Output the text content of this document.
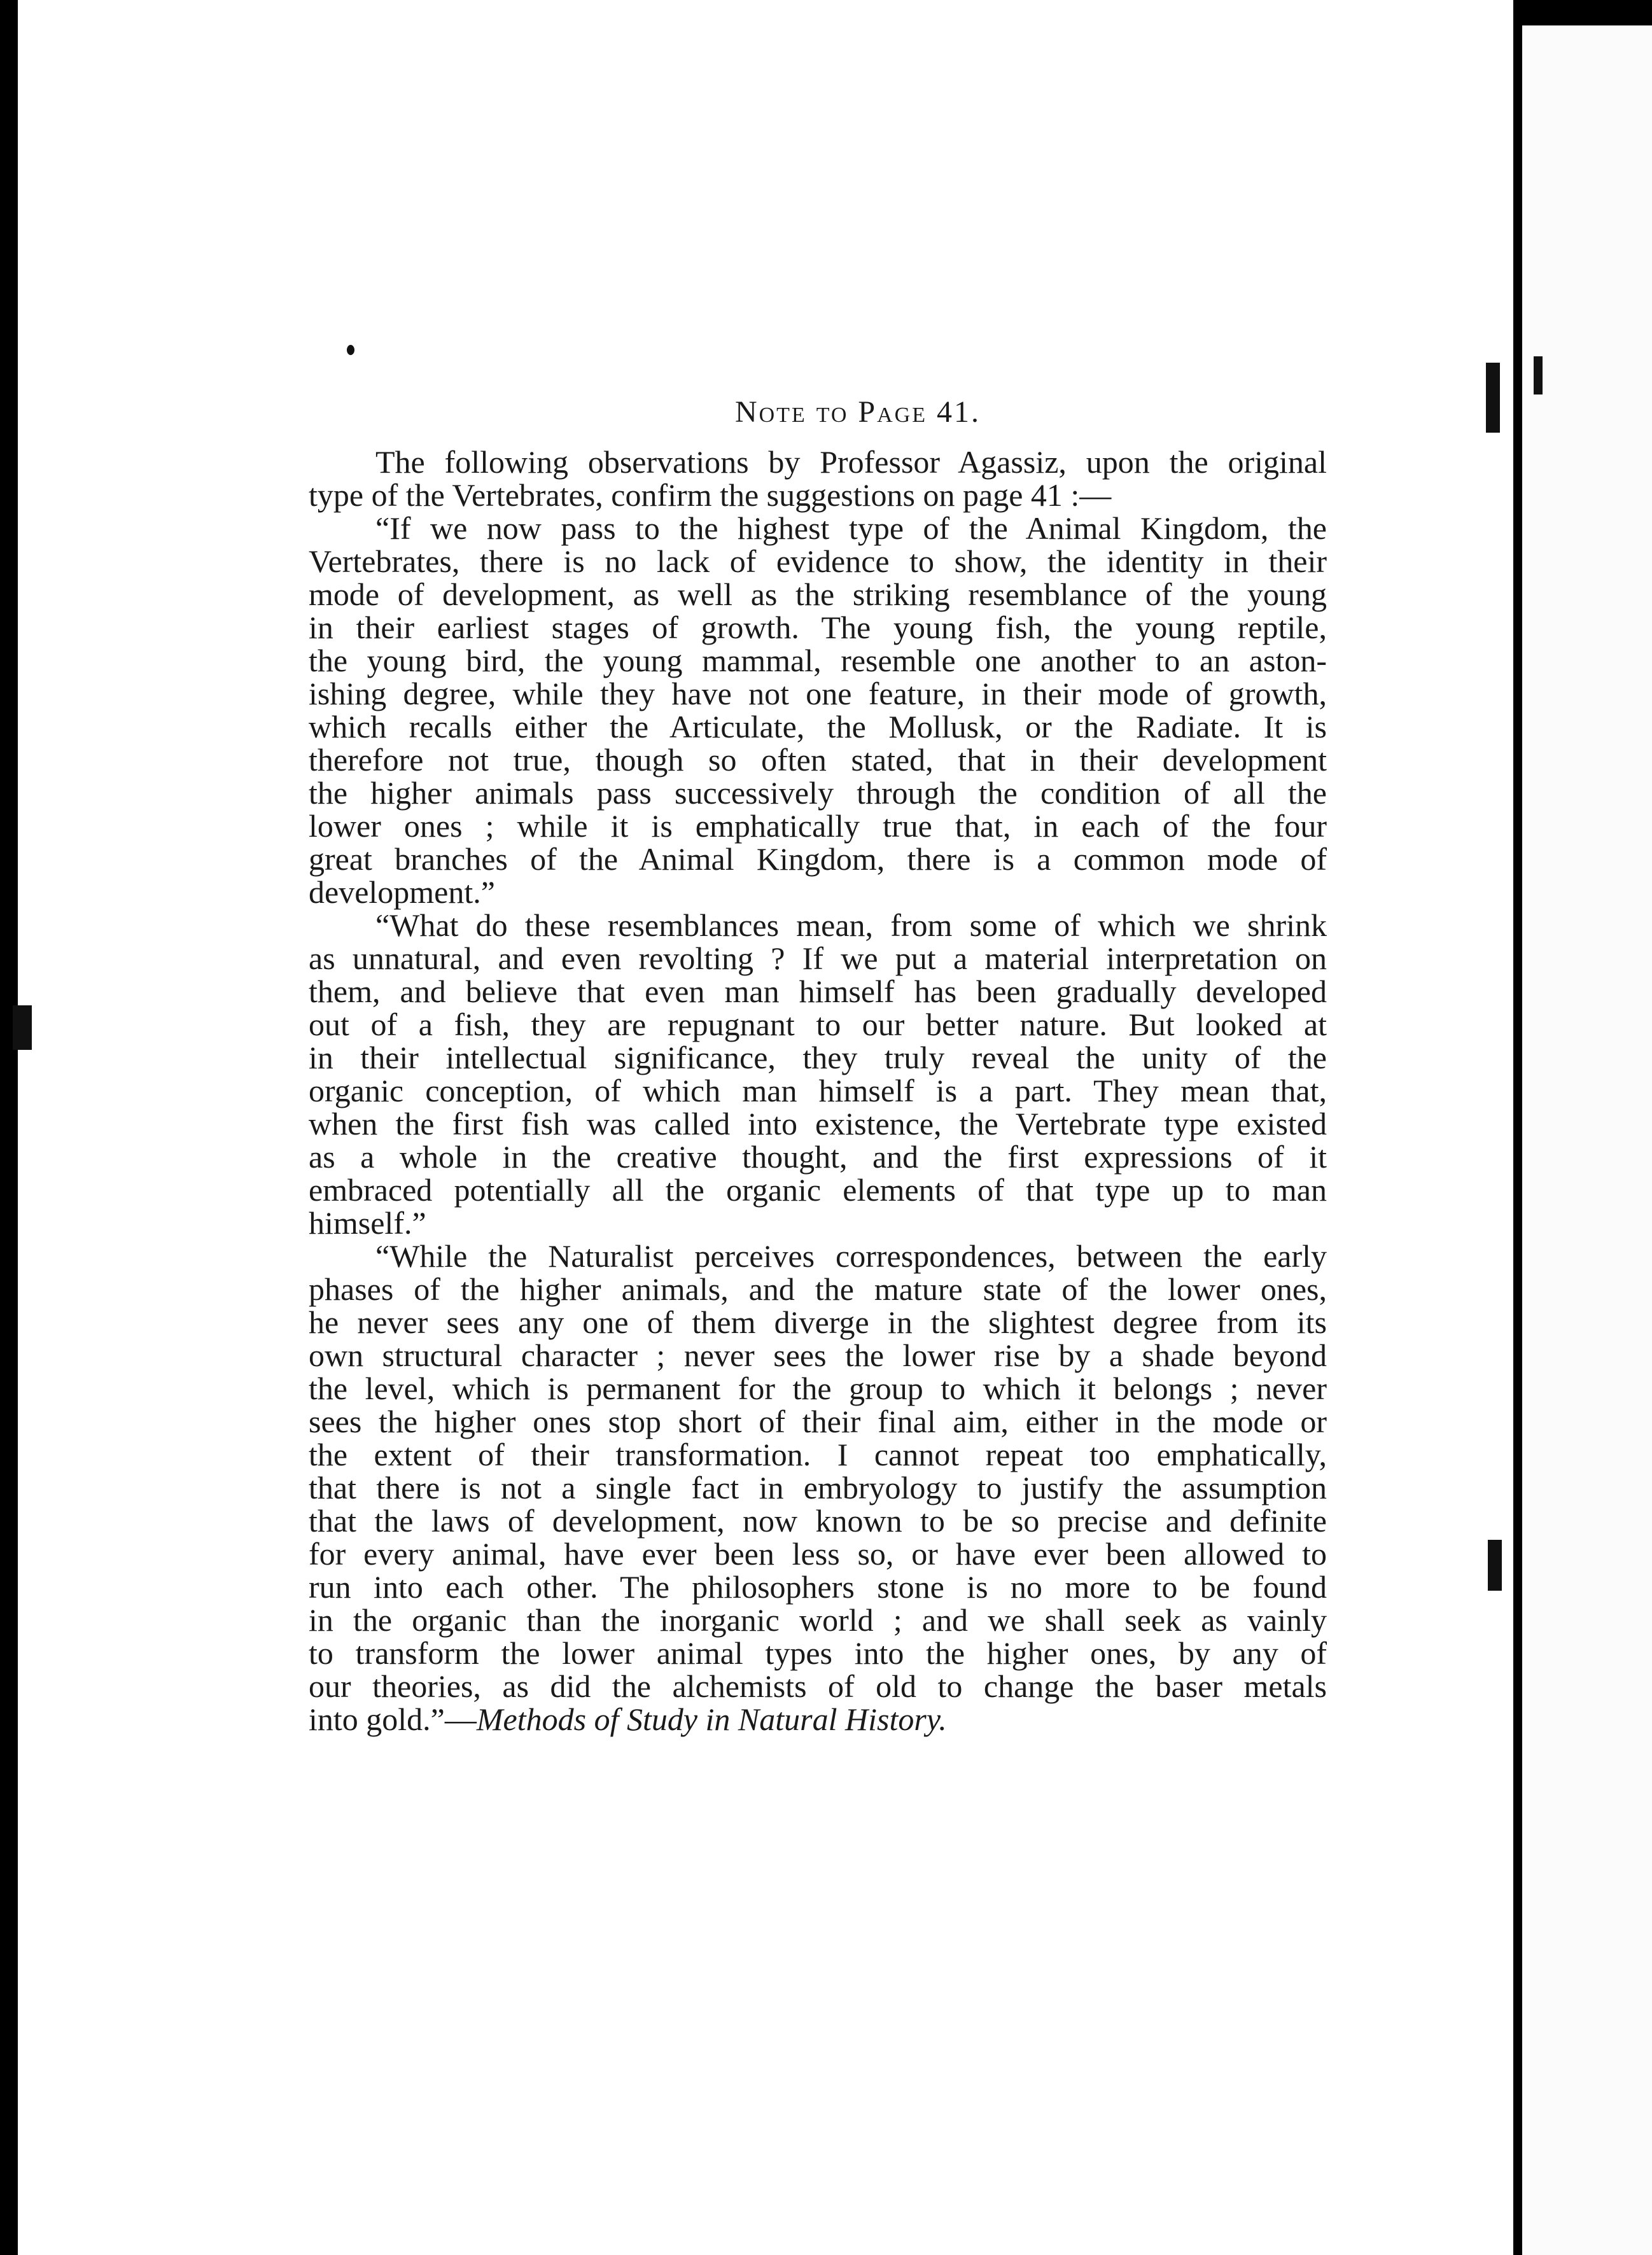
Note to Page 41.
The following observations by Professor Agassiz, upon the original
type of the Vertebrates, confirm the suggestions on page 41 :—
“If we now pass to the highest type of the Animal Kingdom, the
Vertebrates, there is no lack of evidence to show, the identity in their
mode of development, as well as the striking resemblance of the young
in their earliest stages of growth. The young fish, the young reptile,
the young bird, the young mammal, resemble one another to an aston-
ishing degree, while they have not one feature, in their mode of growth,
which recalls either the Articulate, the Mollusk, or the Radiate. It is
therefore not true, though so often stated, that in their development
the higher animals pass successively through the condition of all the
lower ones ; while it is emphatically true that, in each of the four
great branches of the Animal Kingdom, there is a common mode of
development.”
“What do these resemblances mean, from some of which we shrink
as unnatural, and even revolting ? If we put a material interpretation on
them, and believe that even man himself has been gradually developed
out of a fish, they are repugnant to our better nature. But looked at
in their intellectual significance, they truly reveal the unity of the
organic conception, of which man himself is a part. They mean that,
when the first fish was called into existence, the Vertebrate type existed
as a whole in the creative thought, and the first expressions of it
embraced potentially all the organic elements of that type up to man
himself.”
“While the Naturalist perceives correspondences, between the early
phases of the higher animals, and the mature state of the lower ones,
he never sees any one of them diverge in the slightest degree from its
own structural character ; never sees the lower rise by a shade beyond
the level, which is permanent for the group to which it belongs ; never
sees the higher ones stop short of their final aim, either in the mode or
the extent of their transformation. I cannot repeat too emphatically,
that there is not a single fact in embryology to justify the assumption
that the laws of development, now known to be so precise and definite
for every animal, have ever been less so, or have ever been allowed to
run into each other. The philosophers stone is no more to be found
in the organic than the inorganic world ; and we shall seek as vainly
to transform the lower animal types into the higher ones, by any of
our theories, as did the alchemists of old to change the baser metals
into gold.”—Methods of Study in Natural History.
